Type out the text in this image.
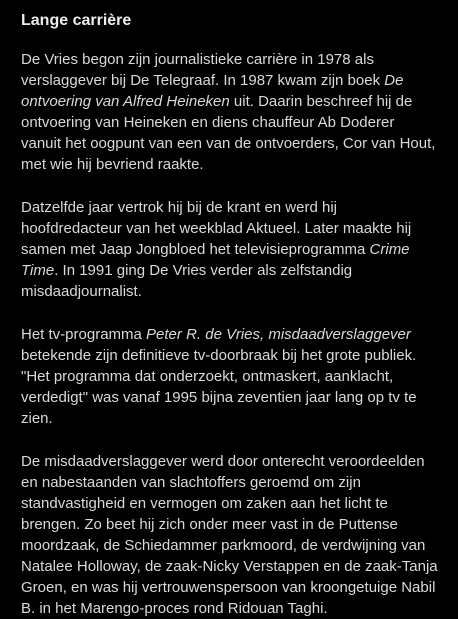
Lange carrière

De Vries begon zijn journalistieke carrière in 1978 als verslaggever bij De Telegraaf. In 1987 kwam zijn boek De ontvoering van Alfred Heineken uit. Daarin beschreef hij de ontvoering van Heineken en diens chauffeur Ab Doderer vanuit het oogpunt van een van de ontvoerders, Cor van Hout, met wie hij bevriend raakte.

Datzelfde jaar vertrok hij bij de krant en werd hij hoofdredacteur van het weekblad Aktueel. Later maakte hij samen met Jaap Jongbloed het televisieprogramma Crime Time. In 1991 ging De Vries verder als zelfstandig misdaadjournalist.

Het tv-programma Peter R. de Vries, misdaadverslaggever betekende zijn definitieve tv-doorbraak bij het grote publiek. "Het programma dat onderzoekt, ontmaskert, aanklacht, verdedigt" was vanaf 1995 bijna zeventien jaar lang op tv te zien.

De misdaadverslaggever werd door onterecht veroordeelden en nabestaanden van slachtoffers geroemd om zijn standvastigheid en vermogen om zaken aan het licht te brengen. Zo beet hij zich onder meer vast in de Puttense moordzaak, de Schiedammer parkmoord, de verdwijning van Natalee Holloway, de zaak-Nicky Verstappen en de zaak-Tanja Groen, en was hij vertrouwenspersoon van kroongetuige Nabil B. in het Marengo-proces rond Ridouan Taghi.
